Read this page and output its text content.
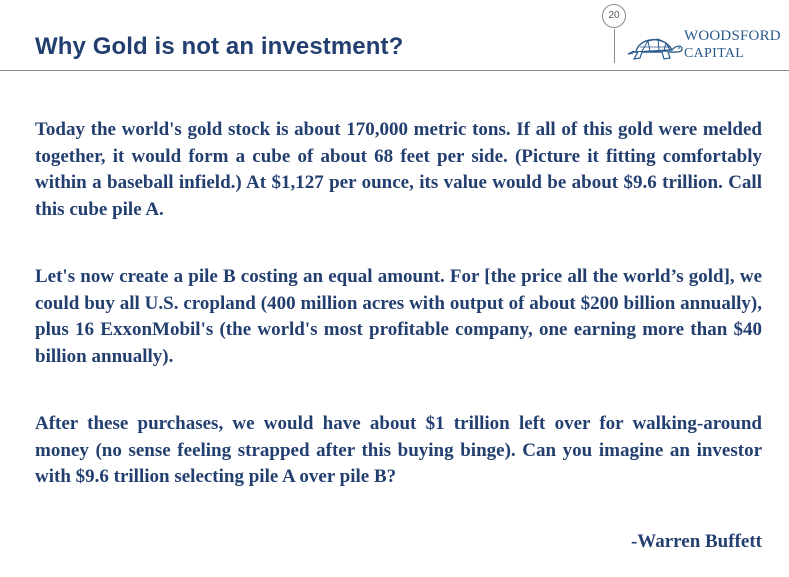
Why Gold is not an investment?
20
WOODSFORD
CAPITAL

Today the world's gold stock is about 170,000 metric tons. If all of this gold were melded together, it would form a cube of about 68 feet per side. (Picture it fitting comfortably within a baseball infield.) At $1,127 per ounce, its value would be about $9.6 trillion. Call this cube pile A.

Let's now create a pile B costing an equal amount. For [the price all the world’s gold], we could buy all U.S. cropland (400 million acres with output of about $200 billion annually), plus 16 ExxonMobil's (the world's most profitable company, one earning more than $40 billion annually).

After these purchases, we would have about $1 trillion left over for walking-around money (no sense feeling strapped after this buying binge). Can you imagine an investor with $9.6 trillion selecting pile A over pile B?

-Warren Buffett
